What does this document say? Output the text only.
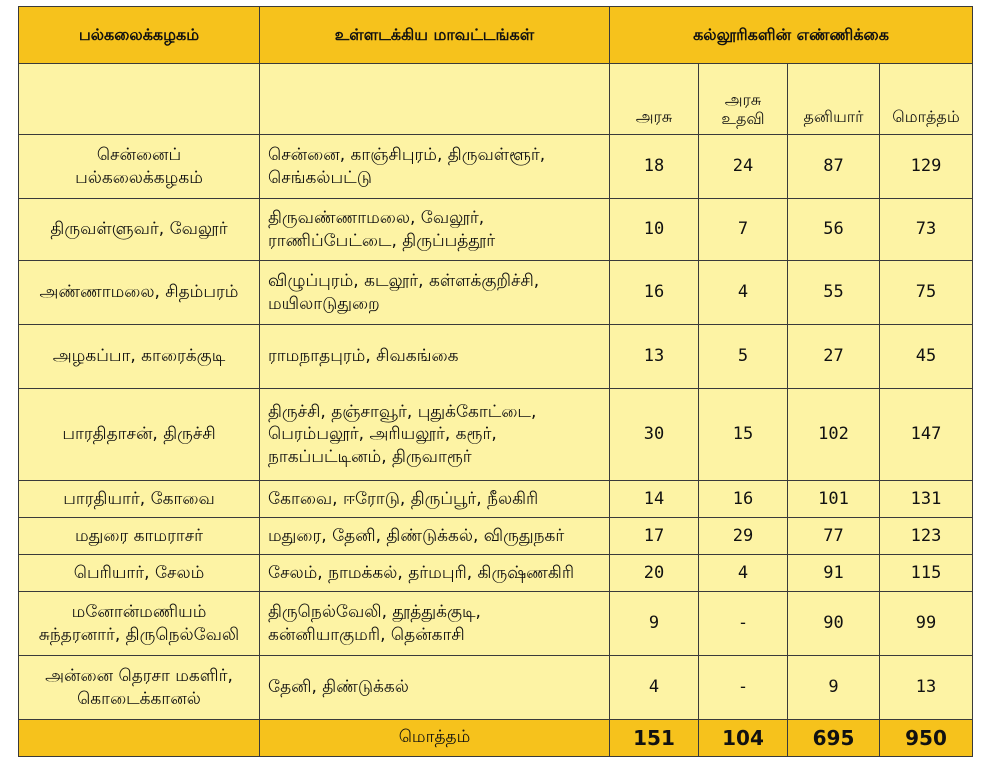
பல்கலைக்கழகம்	உள்ளடக்கிய மாவட்டங்கள்	கல்லூரிகளின் எண்ணிக்கை			
		அரசு	அரசு
உதவி	தனியார்	மொத்தம்

சென்னைப்
பல்கலைக்கழகம்	சென்னை, காஞ்சிபுரம், திருவள்ளூர்,
செங்கல்பட்டு	18	24	87	129

திருவள்ளுவர், வேலூர்	திருவண்ணாமலை, வேலூர்,
ராணிப்பேட்டை, திருப்பத்தூர்	10	7	56	73

அண்ணாமலை, சிதம்பரம்	விழுப்புரம், கடலூர், கள்ளக்குறிச்சி,
மயிலாடுதுறை	16	4	55	75

அழகப்பா, காரைக்குடி	ராமநாதபுரம், சிவகங்கை	13	5	27	45

பாரதிதாசன், திருச்சி	திருச்சி, தஞ்சாவூர், புதுக்கோட்டை,
பெரம்பலூர், அரியலூர், கரூர்,
நாகப்பட்டினம், திருவாரூர்	30	15	102	147

பாரதியார், கோவை	கோவை, ஈரோடு, திருப்பூர், நீலகிரி	14	16	101	131

மதுரை காமராசர்	மதுரை, தேனி, திண்டுக்கல், விருதுநகர்	17	29	77	123

பெரியார், சேலம்	சேலம், நாமக்கல், தர்மபுரி, கிருஷ்ணகிரி	20	4	91	115

மனோன்மணியம்
சுந்தரனார், திருநெல்வேலி	திருநெல்வேலி, தூத்துக்குடி,
கன்னியாகுமரி, தென்காசி	9	-	90	99

அன்னை தெரசா மகளிர்,
கொடைக்கானல்	தேனி, திண்டுக்கல்	4	-	9	13
	மொத்தம்	151	104	695	950
